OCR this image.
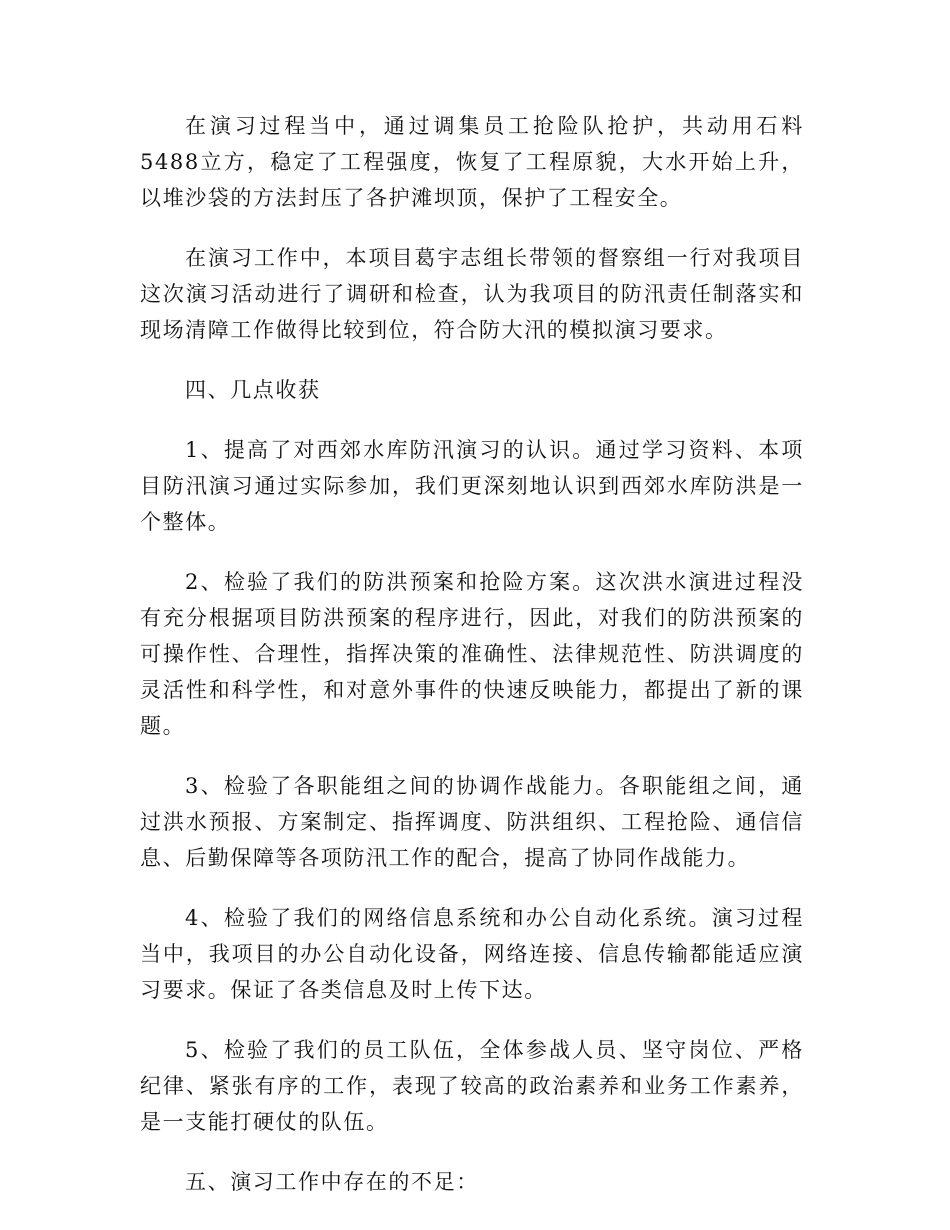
在演习过程当中，通过调集员工抢险队抢护，共动用石料5488立方，稳定了工程强度，恢复了工程原貌，大水开始上升，以堆沙袋的方法封压了各护滩坝顶，保护了工程安全。

在演习工作中，本项目葛宇志组长带领的督察组一行对我项目这次演习活动进行了调研和检查，认为我项目的防汛责任制落实和现场清障工作做得比较到位，符合防大汛的模拟演习要求。

四、几点收获

1、提高了对西郊水库防汛演习的认识。通过学习资料、本项目防汛演习通过实际参加，我们更深刻地认识到西郊水库防洪是一个整体。

2、检验了我们的防洪预案和抢险方案。这次洪水演进过程没有充分根据项目防洪预案的程序进行，因此，对我们的防洪预案的可操作性、合理性，指挥决策的准确性、法律规范性、防洪调度的灵活性和科学性，和对意外事件的快速反映能力，都提出了新的课题。

3、检验了各职能组之间的协调作战能力。各职能组之间，通过洪水预报、方案制定、指挥调度、防洪组织、工程抢险、通信信息、后勤保障等各项防汛工作的配合，提高了协同作战能力。

4、检验了我们的网络信息系统和办公自动化系统。演习过程当中，我项目的办公自动化设备，网络连接、信息传输都能适应演习要求。保证了各类信息及时上传下达。

5、检验了我们的员工队伍，全体参战人员、坚守岗位、严格纪律、紧张有序的工作，表现了较高的政治素养和业务工作素养，是一支能打硬仗的队伍。

五、演习工作中存在的不足：
